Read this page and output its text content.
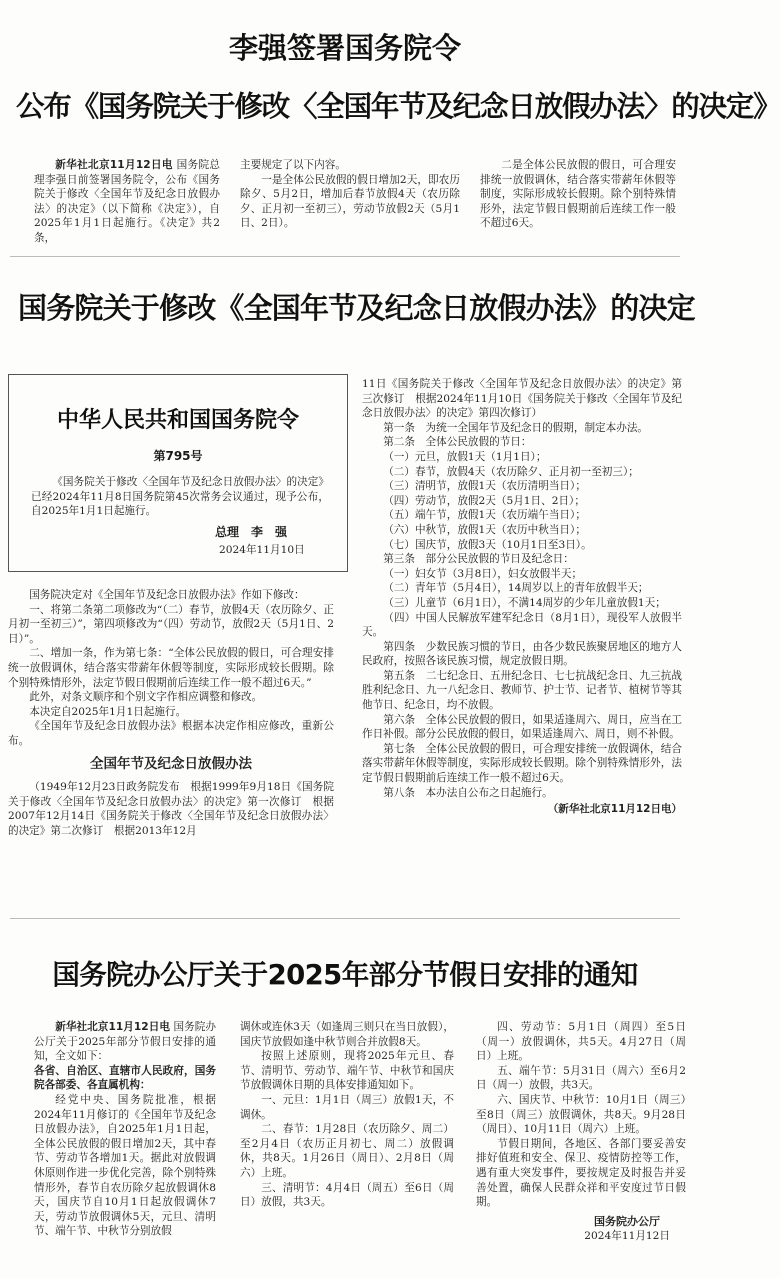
李强签署国务院令
公布《国务院关于修改〈全国年节及纪念日放假办法〉的决定》
新华社北京11月12日电 国务院总理李强日前签署国务院令，公布《国务院关于修改〈全国年节及纪念日放假办法〉的决定》（以下简称《决定》），自2025年1月1日起施行。《决定》共2条，
主要规定了以下内容。
一是全体公民放假的假日增加2天，即农历除夕、5月2日，增加后春节放假4天（农历除夕、正月初一至初三），劳动节放假2天（5月1日、2日）。
二是全体公民放假的假日，可合理安排统一放假调休，结合落实带薪年休假等制度，实际形成较长假期。除个别特殊情形外，法定节假日假期前后连续工作一般不超过6天。
国务院关于修改《全国年节及纪念日放假办法》的决定
中华人民共和国国务院令
第795号
《国务院关于修改〈全国年节及纪念日放假办法〉的决定》已经2024年11月8日国务院第45次常务会议通过，现予公布，自2025年1月1日起施行。
总理　李　强
2024年11月10日
国务院决定对《全国年节及纪念日放假办法》作如下修改：
一、将第二条第二项修改为“（二）春节，放假4天（农历除夕、正月初一至初三）”，第四项修改为“（四）劳动节，放假2天（5月1日、2日）”。
二、增加一条，作为第七条：“全体公民放假的假日，可合理安排统一放假调休，结合落实带薪年休假等制度，实际形成较长假期。除个别特殊情形外，法定节假日假期前后连续工作一般不超过6天。”
此外，对条文顺序和个别文字作相应调整和修改。
本决定自2025年1月1日起施行。
《全国年节及纪念日放假办法》根据本决定作相应修改，重新公布。
全国年节及纪念日放假办法
（1949年12月23日政务院发布　根据1999年9月18日《国务院关于修改〈全国年节及纪念日放假办法〉的决定》第一次修订　根据2007年12月14日《国务院关于修改〈全国年节及纪念日放假办法〉的决定》第二次修订　根据2013年12月
11日《国务院关于修改〈全国年节及纪念日放假办法〉的决定》第三次修订　根据2024年11月10日《国务院关于修改〈全国年节及纪念日放假办法〉的决定》第四次修订）
第一条　为统一全国年节及纪念日的假期，制定本办法。
第二条　全体公民放假的节日：
（一）元旦，放假1天（1月1日）；
（二）春节，放假4天（农历除夕、正月初一至初三）；
（三）清明节，放假1天（农历清明当日）；
（四）劳动节，放假2天（5月1日、2日）；
（五）端午节，放假1天（农历端午当日）；
（六）中秋节，放假1天（农历中秋当日）；
（七）国庆节，放假3天（10月1日至3日）。
第三条　部分公民放假的节日及纪念日：
（一）妇女节（3月8日），妇女放假半天；
（二）青年节（5月4日），14周岁以上的青年放假半天；
（三）儿童节（6月1日），不满14周岁的少年儿童放假1天；
（四）中国人民解放军建军纪念日（8月1日），现役军人放假半天。
第四条　少数民族习惯的节日，由各少数民族聚居地区的地方人民政府，按照各该民族习惯，规定放假日期。
第五条　二七纪念日、五卅纪念日、七七抗战纪念日、九三抗战胜利纪念日、九一八纪念日、教师节、护士节、记者节、植树节等其他节日、纪念日，均不放假。
第六条　全体公民放假的假日，如果适逢周六、周日，应当在工作日补假。部分公民放假的假日，如果适逢周六、周日，则不补假。
第七条　全体公民放假的假日，可合理安排统一放假调休，结合落实带薪年休假等制度，实际形成较长假期。除个别特殊情形外，法定节假日假期前后连续工作一般不超过6天。
第八条　本办法自公布之日起施行。
（新华社北京11月12日电）
国务院办公厅关于2025年部分节假日安排的通知
新华社北京11月12日电 国务院办公厅关于2025年部分节假日安排的通知，全文如下：
各省、自治区、直辖市人民政府，国务院各部委、各直属机构：
经党中央、国务院批准，根据2024年11月修订的《全国年节及纪念日放假办法》，自2025年1月1日起，全体公民放假的假日增加2天，其中春节、劳动节各增加1天。据此对放假调休原则作进一步优化完善，除个别特殊情形外，春节自农历除夕起放假调休8天，国庆节自10月1日起放假调休7天，劳动节放假调休5天，元旦、清明节、端午节、中秋节分别放假
调休或连休3天（如逢周三则只在当日放假），国庆节放假如逢中秋节则合并放假8天。
按照上述原则，现将2025年元旦、春节、清明节、劳动节、端午节、中秋节和国庆节放假调休日期的具体安排通知如下。
一、元旦：1月1日（周三）放假1天，不调休。
二、春节：1月28日（农历除夕、周二）至2月4日（农历正月初七、周二）放假调休，共8天。1月26日（周日）、2月8日（周六）上班。
三、清明节：4月4日（周五）至6日（周日）放假，共3天。
四、劳动节：5月1日（周四）至5日（周一）放假调休，共5天。4月27日（周日）上班。
五、端午节：5月31日（周六）至6月2日（周一）放假，共3天。
六、国庆节、中秋节：10月1日（周三）至8日（周三）放假调休，共8天。9月28日（周日）、10月11日（周六）上班。
节假日期间，各地区、各部门要妥善安排好值班和安全、保卫、疫情防控等工作，遇有重大突发事件，要按规定及时报告并妥善处置，确保人民群众祥和平安度过节日假期。
国务院办公厅
2024年11月12日
